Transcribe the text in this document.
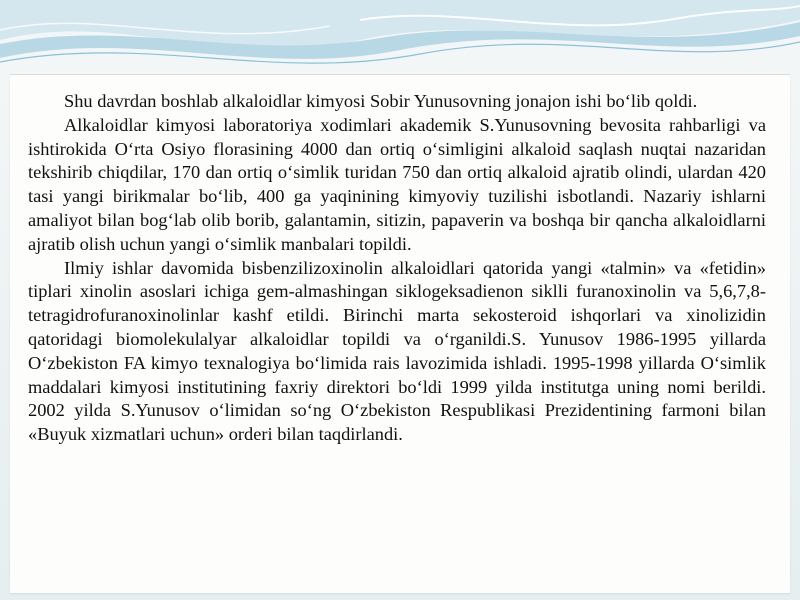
Shu davrdan boshlab alkaloidlar kimyosi Sobir Yunusovning jonajon ishi bo‘lib qoldi.

Alkaloidlar kimyosi laboratoriya xodimlari akademik S.Yunusovning bevosita rahbarligi va ishtirokida O‘rta Osiyo florasining 4000 dan ortiq o‘simligini alkaloid saqlash nuqtai nazaridan tekshirib chiqdilar, 170 dan ortiq o‘simlik turidan 750 dan ortiq alkaloid ajratib olindi, ulardan 420 tasi yangi birikmalar bo‘lib, 400 ga yaqinining kimyoviy tuzilishi isbotlandi. Nazariy ishlarni amaliyot bilan bog‘lab olib borib, galantamin, sitizin, papaverin va boshqa bir qancha alkaloidlarni ajratib olish uchun yangi o‘simlik manbalari topildi.

Ilmiy ishlar davomida bisbenzilizoxinolin alkaloidlari qatorida yangi «talmin» va «fetidin» tiplari xinolin asoslari ichiga gem-almashingan siklogeksadienon siklli furanoxinolin va 5,6,7,8-tetragidrofuranoxinolinlar kashf etildi. Birinchi marta sekosteroid ishqorlari va xinolizidin qatoridagi biomolekulalyar alkaloidlar topildi va o‘rganildi.S. Yunusov 1986-1995 yillarda O‘zbekiston FA kimyo texnalogiya bo‘limida rais lavozimida ishladi. 1995-1998 yillarda O‘simlik maddalari kimyosi institutining faxriy direktori bo‘ldi 1999 yilda institutga uning nomi berildi. 2002 yilda S.Yunusov o‘limidan so‘ng O‘zbekiston Respublikasi Prezidentining farmoni bilan «Buyuk xizmatlari uchun» orderi bilan taqdirlandi.
